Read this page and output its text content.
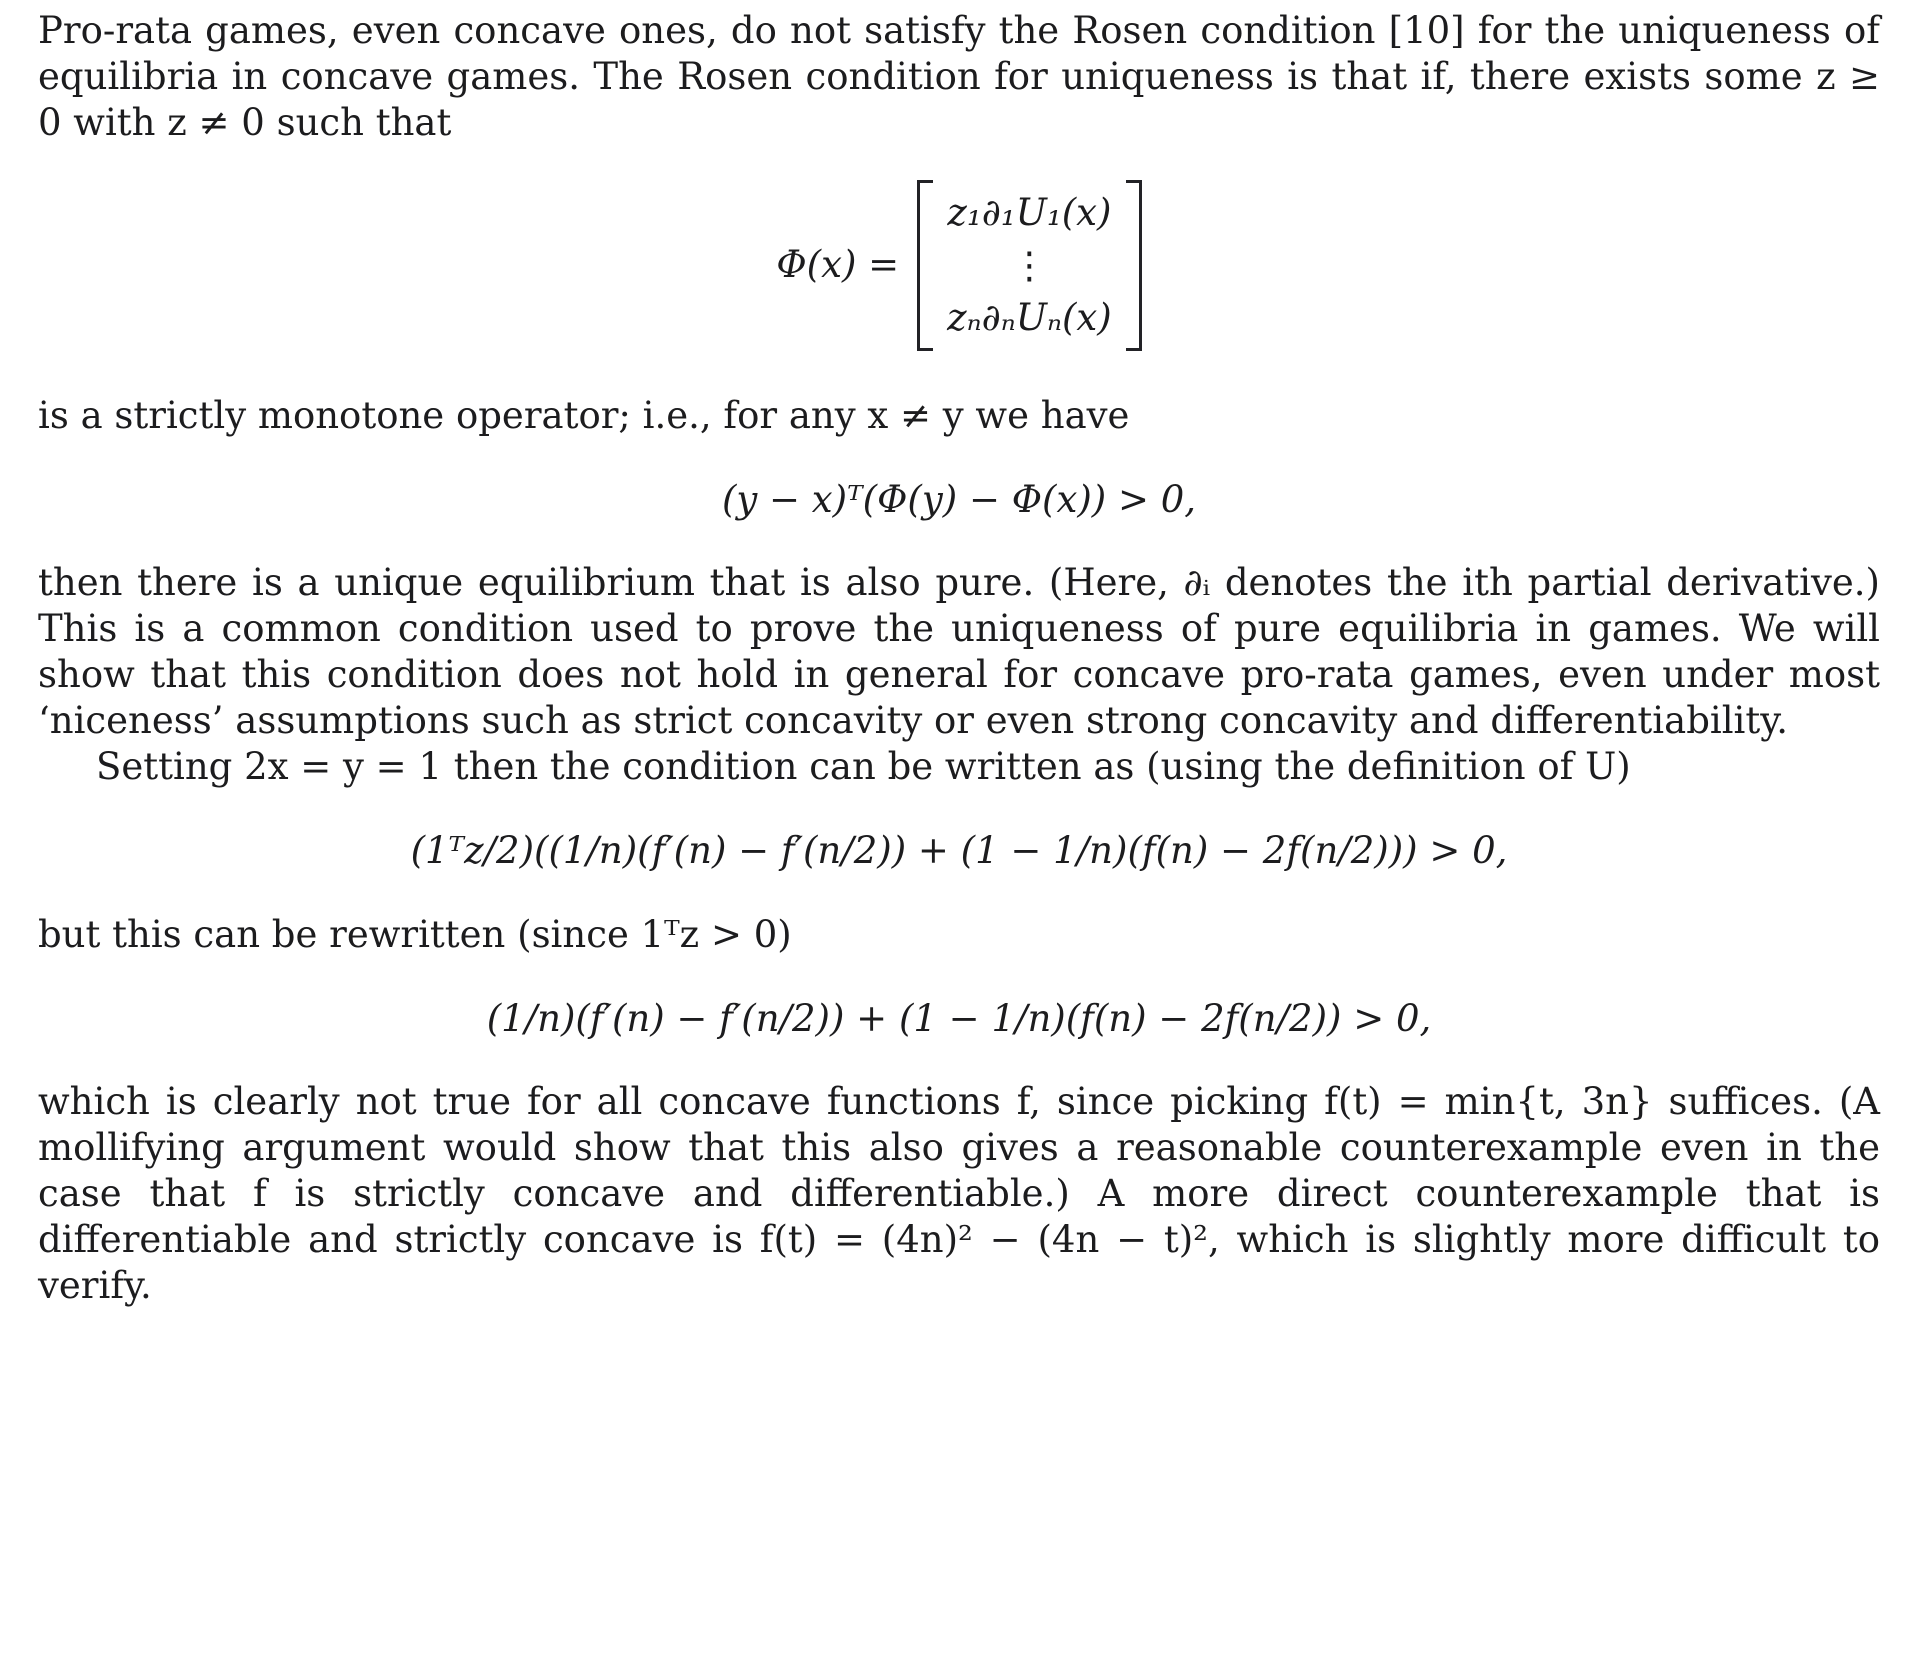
Pro-rata games, even concave ones, do not satisfy the Rosen condition [10] for the uniqueness of equilibria in concave games. The Rosen condition for uniqueness is that if, there exists some z ≥ 0 with z ≠ 0 such that

Φ(x) =
z₁∂₁U₁(x)
⋮
zₙ∂ₙUₙ(x)

is a strictly monotone operator; i.e., for any x ≠ y we have

(y − x)ᵀ(Φ(y) − Φ(x)) > 0,

then there is a unique equilibrium that is also pure. (Here, ∂ᵢ denotes the ith partial derivative.) This is a common condition used to prove the uniqueness of pure equilibria in games. We will show that this condition does not hold in general for concave pro-rata games, even under most ‘niceness’ assumptions such as strict concavity or even strong concavity and differentiability.

Setting 2x = y = 1 then the condition can be written as (using the definition of U)

(1ᵀz/2)((1/n)(f′(n) − f′(n/2)) + (1 − 1/n)(f(n) − 2f(n/2))) > 0,

but this can be rewritten (since 1ᵀz > 0)

(1/n)(f′(n) − f′(n/2)) + (1 − 1/n)(f(n) − 2f(n/2)) > 0,

which is clearly not true for all concave functions f, since picking f(t) = min{t, 3n} suffices. (A mollifying argument would show that this also gives a reasonable counterexample even in the case that f is strictly concave and differentiable.) A more direct counterexample that is differentiable and strictly concave is f(t) = (4n)² − (4n − t)², which is slightly more difficult to verify.
